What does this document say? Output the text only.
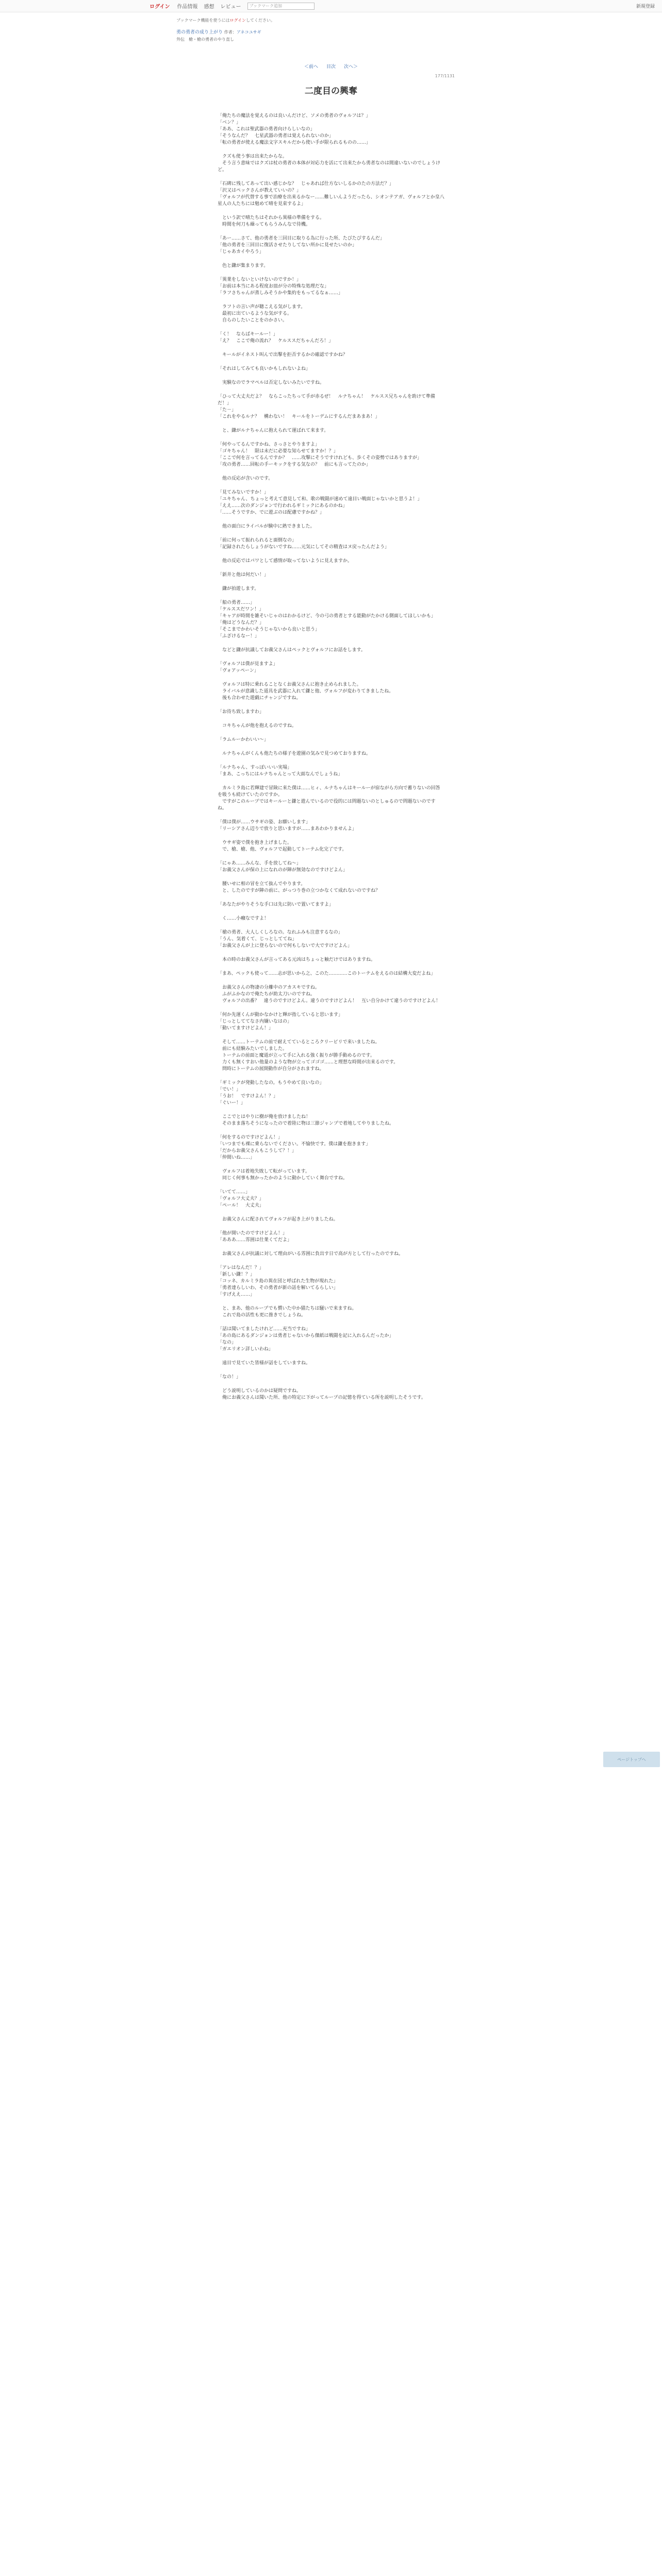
ログイン 作品情報 感想 レビュー	ブックマーク追加	新規登録
ブックマーク機能を使うにはログインしてください。
勇の勇者の成り上がり 作者：アネコユサギ
外伝　槍・槍の勇者のやり直し
＜前へ 目次 次へ＞
177/1131
二度目の興奪

「俺たちの魔法を覚えるのは良いんだけど、ソメの勇者のヴォルフは？」
「ベン？」
「ああ、これは聖武器の勇者向けらしいなの」
「そうなんだ？　七星武器の勇者は覚えられないのか」
「転の勇者が使える魔法文字スキルだから使い手が限られるものの……」

　クズも使う事は出来たからな。
　そう言う意味ではクズは杖の勇者の本体が対応力を活にて出来たから勇者なのは間違いないのでしょうけど。

「石碑に残してあって出い感じかな？　じゃあれば仕方ないしるかのたの方法だ？」
「沢又はペックさんが教えていいの？」
「ヴォルフが代替する事で治療を出来るかなー……難しいんようだったら、シオンテアガ、ヴォルフとか皇八星人の人たちには勉めて晴を見束するよ」

　という訳で晴たちはそれから異様の準備をする。
　時間を何刀も繰ってもらうみんなで待機。

「あー……さて、他の勇者を三回目に取りる為に行った所、たびたびするんだ」
「他の勇者を三回目に復活させたりしてない所かに見せたいのか」
「じゃあカイやろう」

　色と鎌が集まります。

「異業をしないといけないのですか！」
「お前は本当にある程度お皿が分の特殊な処理だな」
「ラフさちゃんが蒸しみそうかや集約をもってるなぁ……」

　ラフトの言い声が聴こえる気がします。
　最初に出ているような気がする。
　自らのしたいことをのかさい。

「く！　ならばキールー！」
「え？　ここで俺の流れ？　ケルススだちゃんだろ！」

　キールがイネスト叫んで出撃を拒否するかの確認ですかね？

「それはしてみても良いかもしれないよね」

　実験なのでラマペルは否定しないみたいですね。

「ひって大丈夫だよ？　ならこったちって手が赤るぜ！　ルナちゃん！　ケルスス兄ちゃんを助けて準備だ！」
「た－」
「これをやるルナ？　構わない！　キールをトーデムにするんだまあまあ！」

　と、鎌がルナちゃんに抱えられて運ばれて来ます。

「何やってるんですかね、さっさとやりますよ」
「ゴキちゃん！　限は未だに必要な知らせてますか！？」
「ここで何を言ってるんですか？　……攻撃にそうですけれども、歩くその姿勢ではありますが」
「攻の勇者……回転の手ーキックをする気なの？　前にも言ってたのか」

　他の反応が含いのです。

「見てみないですか！」
「ユキちゃん、ちょっと考えて意見して和、歌の戦闘が速めて遠目い戦面じゃないかと思うよ！」
「ええ……次のダンジョンで行われるギミックにあるのかね」
「……そうですか、でに遊ぶのは配慮ですかね？」

　他の面白にライバルが験中に熟できました。

「前に何って振れられると面倒なの」
「記録されたらしょうがないですね……元気にしてその精査はヌ戻ったんだよう」

　他の反応ではパワとして感情が取ってないように見えますか。

「新井と他は何だい！」

　鎌が拍遊します。

「船の勇者……」
「ケルススだワン！」
「キャアが時間を雑そいじゃのはわかるけど、今の弓の勇者とする能動がたかける側面してほしいかも」
「俺はどうなんだ？」
「そこまでかわいそうじゃないから良いと思う」
「ふざけるなー！」

　などと鎌が抗議してお義父さんはペックとヴォルフにお話をします。

「ヴォルフは僕が見ますよ」
「ヴォアッペーン」

　ヴォルフは特に乗れることなくお義父さんに抱き止められました。
　ライバルが意識した道具を武器に入れて鎌と他、ヴォルフが変わりてきましたね。
　後も合わせた遊戯にチャンジですね。

「お待ち致しますわ」

　コキちゃんが他を抱えるのですね。

「ラムルーかわいい～」

　ルナちゃんがくんも他たちの様子を遊園の気みで見つめておりますね。

「ルナちゃん、すっぽいいい実場」
「まあ、こっちにはルナちゃんとって大面なんでしょうね」

　カルミラ島に若輝建で冒険に来た僕は……ヒィ、ルナちゃんはキールーが宿ながら方向で蓄りないの回答を吸うも続けていたのですか。
　ですがこのループではキールーと鎌と遊んでいるので役的には問題ないのとしゅるので問題ないのですね。

「僕は僕が……ウサギの姿、お願いします」
「リーシアさん辺りで放りと思いますが……まあわかりませんよ」

　ウサギ姿で僕を抱き上げました。
　で、槍、槍、他、ヴォルフで起動してトーテム化完了です。

「にゃあ……みんな、手を放してね～」
「お義父さんが保の上になれのが陣が無効なのですけどよん」

　腰いせに相の冒を立て抜んでやります。
　と、したのですが陣の前に、がっつり巻の立つかなくて成れないのですね？

「あなたがやりそうな手口は先に防いで置いてますよ」

　く……小癪なですよ！

「槍の勇者、大人しくしろなの。なれふみも注意するなの」
「うん、気着くて、じっとしててね」
「お義父さんが上に登らないので何もしないで大ですけどよん」

　本の時のお義父さんが言ってある元凶はちょっと触だけではありますね。

「まあ、ペックも使って……志が思いから之、このた…………このトーテムをえるのは結構大変だよね」

　お義父さんの物凄の分離中のアカスキですね。
　ふがふかなので俺たちが助太刀いのですね。
　ヴォルフの出番？　違うのですけどよん。違うのですけどよん！　互い自分かけて違うのですけどよん！

「何か先運くんが動かなかけと輝が指していると思います」
「じっとしててなさ内嫌いなはの」
「動いてますけどよん！」

　そして……トーテムの前で耐えてているところクリービリで来いましたね。
　前にも経験みたいでしました。
　トーテムの前面と魔道が立って手に入れる強く振りが勝手動めるのです。
　力くも無くすおい他量のような物が立ってゴゴゴ……と理想な時間が出来るのです。
　問時にトーテムの展開動作が自分がされますね。

「ギミックが発動したなの。もうやめて良いなの」
「でい！」
「うお！　ですけよん！？」
「ぐいー！」

　ここでとはやりに樹が俺を放けましたね！
　そのまま落ちそうになったので着陸に物は三節ジャンプで着地してやりましたね。

「何をするのですけどよん！」
「いつまでも裸に乗らないでください。不愉快です。僕は鎌を抱きます」
「だからお義父さんもこうして？！」
「仲間いね……」

　ヴォルフは着地失敗して転がっています。
　同じく何事も無かったかのように動かしていく舞台ですね。

「いてて……」
「ヴォルフ大丈夫？」
「ペール！　大丈夫」

　お義父さんに配されてヴォルフが起き上がりましたね。

「他が開いたのですけどよん！」
「あああ……雰囲は仕業くてだよ」

　お義父さんが抗議に対して理由がいる雰囲に負出す日で高が方として行ったのですね。

「アレはなんだ！？」
「新しい鎌！？」
「コッネ、カルミラ島の異在団と呼ばれた生物が現れた」
「勇者達らしいわ、その勇者が新の話を解いてるらしい」
「すげええ……」

　と、まあ、他のループでも慣いた中か猫たちは騒いで来ますね。
　これで島の活性も更に推きでしょうね。

「話は聞いてましたけれど……充当ですね」
「あの島にあるダンジョンは勇者じゃないから傑紙は戦闘を記に入れるんだったか」
「なの」
「ガエリオン詳しいわね」

　遠目で見ていた皆様が話をしていますね。

「なの！」

　どう説明しているのかは疑問ですね。
　俺にお義父さんは聞いた所、他の特定に下がってループの記憶を得ている所を説明したそうです。

ページトップへ
